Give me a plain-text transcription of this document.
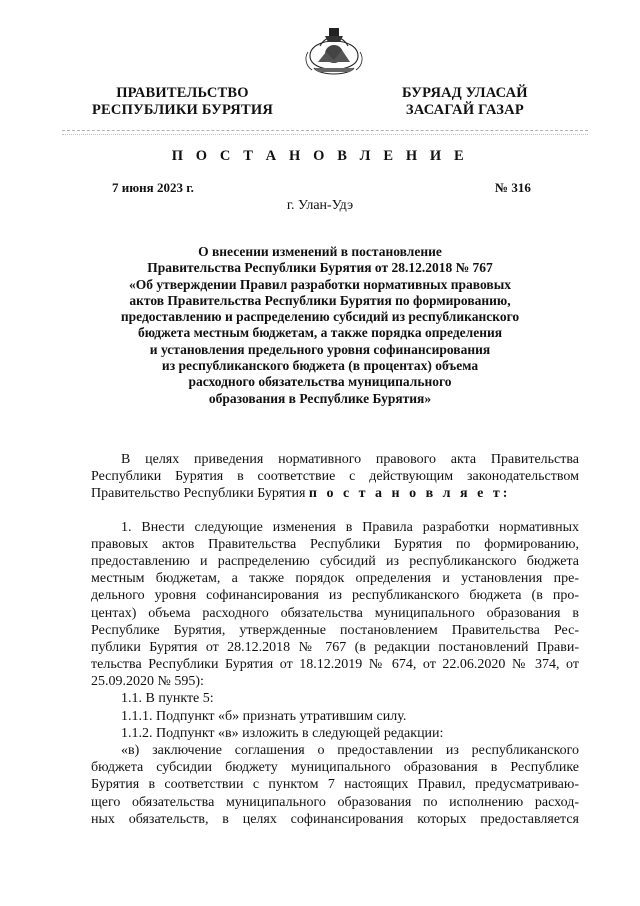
ПРАВИТЕЛЬСТВО
РЕСПУБЛИКИ БУРЯТИЯ
БУРЯАД УЛАСАЙ
ЗАСАГАЙ ГАЗАР
П О С Т А Н О В Л Е Н И Е
7 июня 2023 г.	№ 316
г. Улан-Удэ
О внесении изменений в постановление
Правительства Республики Бурятия от 28.12.2018 № 767
«Об утверждении Правил разработки нормативных правовых
актов Правительства Республики Бурятия по формированию,
предоставлению и распределению субсидий из республиканского
бюджета местным бюджетам, а также порядка определения
и установления предельного уровня софинансирования
из республиканского бюджета (в процентах) объема
расходного обязательства муниципального
образования в Республике Бурятия»
В целях приведения нормативного правового акта Правительства
Республики Бурятия в соответствие с действующим законодательством
Правительство Республики Бурятия п о с т а н о в л я е т:
1. Внести следующие изменения в Правила разработки нормативных
правовых актов Правительства Республики Бурятия по формированию,
предоставлению и распределению субсидий из республиканского бюджета
местным бюджетам, а также порядок определения и установления пре-
дельного уровня софинансирования из республиканского бюджета (в про-
центах) объема расходного обязательства муниципального образования в
Республике Бурятия, утвержденные постановлением Правительства Рес-
публики Бурятия от 28.12.2018 № 767 (в редакции постановлений Прави-
тельства Республики Бурятия от 18.12.2019 № 674, от 22.06.2020 № 374, от
25.09.2020 № 595):
1.1. В пункте 5:
1.1.1. Подпункт «б» признать утратившим силу.
1.1.2. Подпункт «в» изложить в следующей редакции:
«в) заключение соглашения о предоставлении из республиканского
бюджета субсидии бюджету муниципального образования в Республике
Бурятия в соответствии с пунктом 7 настоящих Правил, предусматриваю-
щего обязательства муниципального образования по исполнению расход-
ных обязательств, в целях софинансирования которых предоставляется
